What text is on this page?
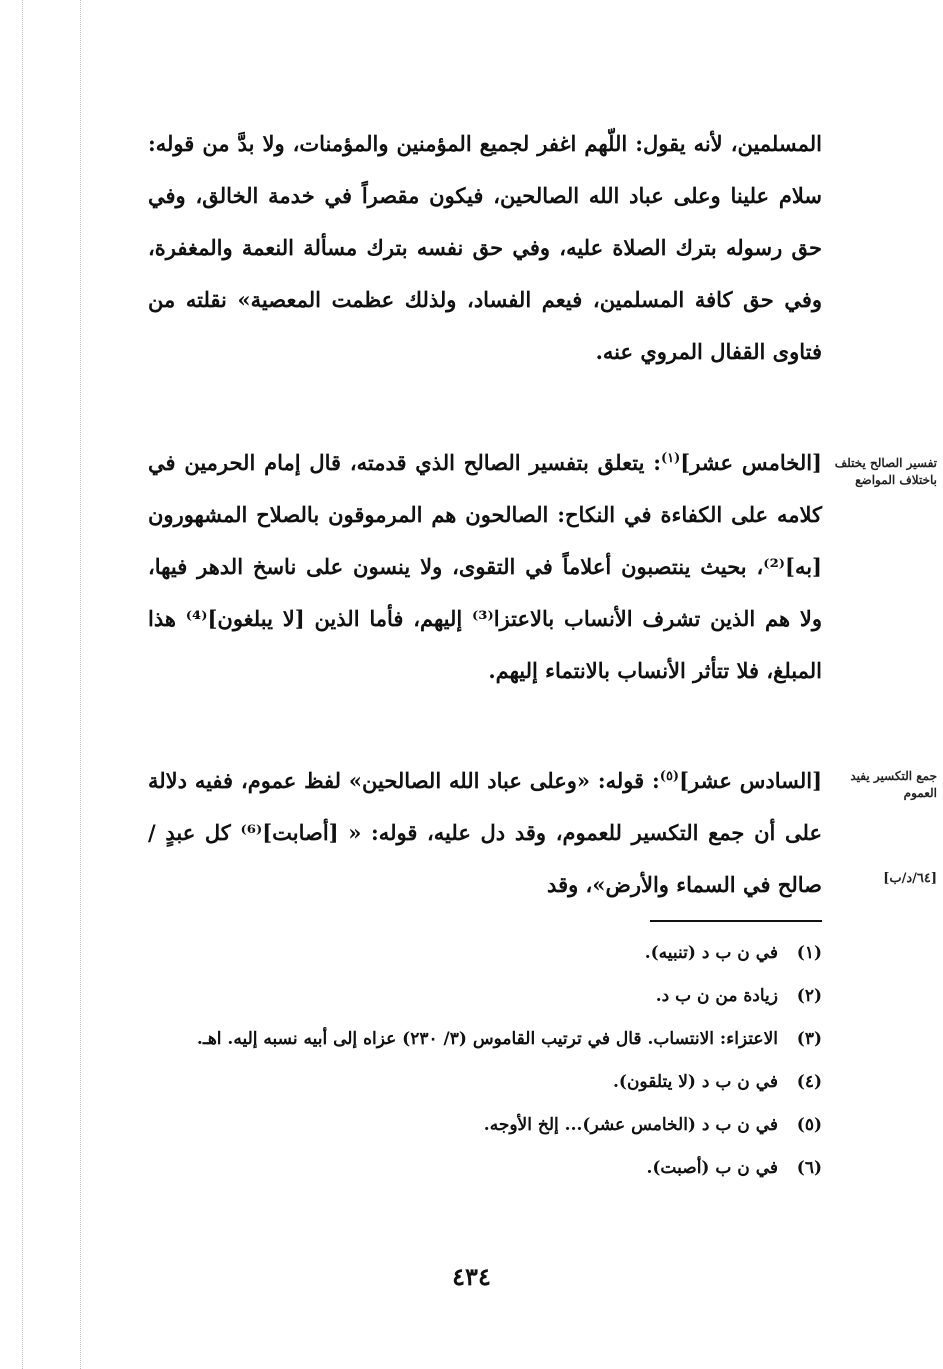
المسلمين، لأنه يقول: اللّهم اغفر لجميع المؤمنين والمؤمنات، ولا بدَّ من قوله: سلام علينا وعلى عباد الله الصالحين، فيكون مقصراً في خدمة الخالق، وفي حق رسوله بترك الصلاة عليه، وفي حق نفسه بترك مسألة النعمة والمغفرة، وفي حق كافة المسلمين، فيعم الفساد، ولذلك عظمت المعصية» نقلته من فتاوى القفال المروي عنه.

[الخامس عشر]$^{(١)}$: يتعلق بتفسير الصالح الذي قدمته، قال إمام الحرمين في كلامه على الكفاءة في النكاح: الصالحون هم المرموقون بالصلاح المشهورون [به]⁽²⁾، بحيث ينتصبون أعلاماً في التقوى، ولا ينسون على ناسخ الدهر فيها، ولا هم الذين تشرف الأنساب بالاعتزا⁽³⁾ إليهم، فأما الذين [لا يبلغون]⁽⁴⁾ هذا المبلغ، فلا تتأثر الأنساب بالانتماء إليهم.

[السادس عشر]$^{(٥)}$: قوله: «وعلى عباد الله الصالحين» لفظ عموم، ففيه دلالة على أن جمع التكسير للعموم، وقد دل عليه، قوله: « [أصابت]⁽⁶⁾ كل عبدٍ / صالح في السماء والأرض»، وقد

تفسير الصالح يختلف باختلاف المواضع
جمع التكسير يفيد العموم
[٦٤/د/ب]
(١)
في ن ب د (تنبيه).
(٢)
زيادة من ن ب د.
(٣)
الاعتزاء: الانتساب. قال في ترتيب القاموس (٣/ ٢٣٠) عزاه إلى أبيه نسبه إليه. اهـ.
(٤)
في ن ب د (لا يتلقون).
(٥)
في ن ب د (الخامس عشر)... إلخ الأوجه.
(٦)
في ن ب (أصبت).
٤٣٤
